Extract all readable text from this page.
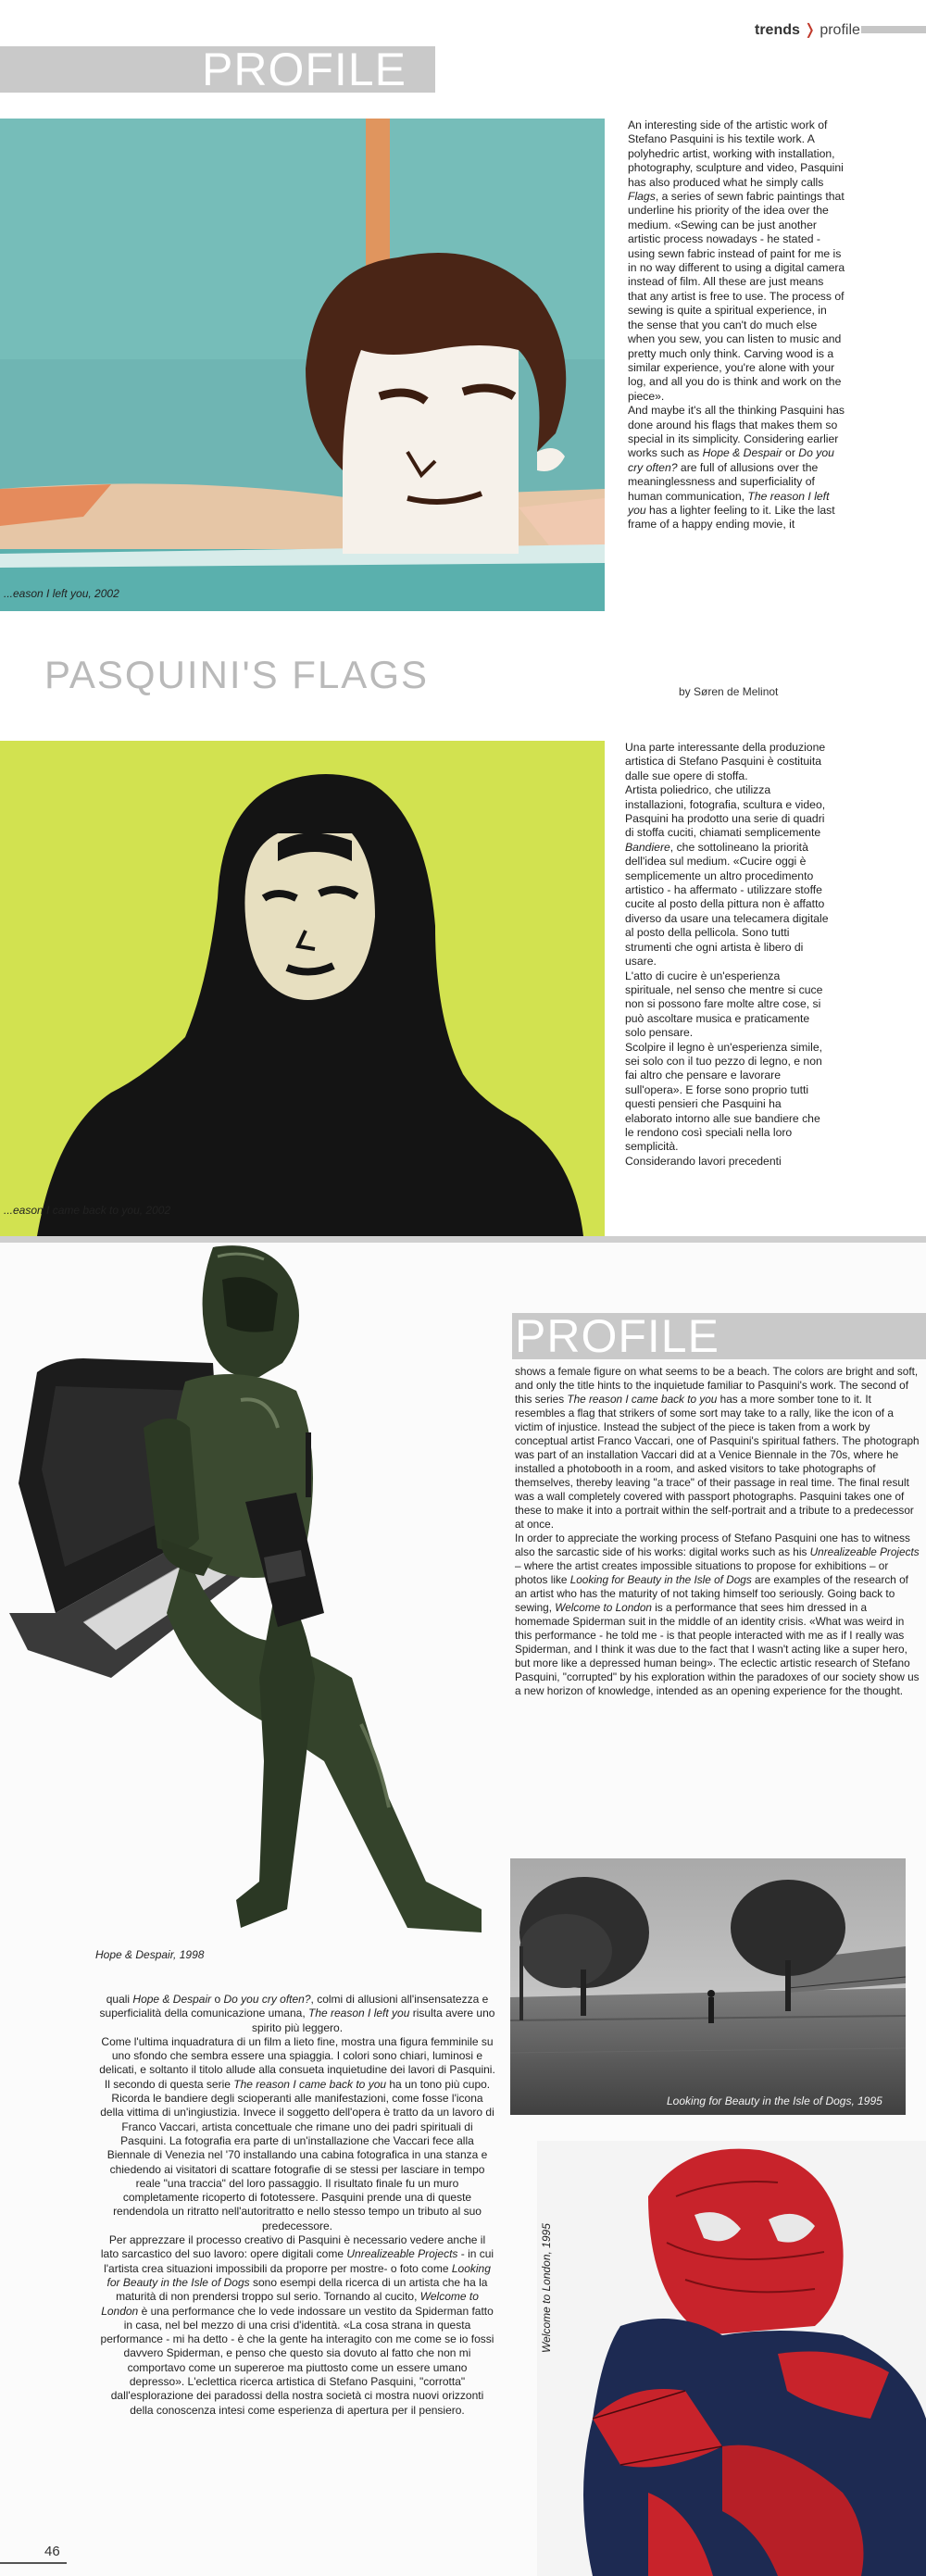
PROFILE
trends ❭ profile
...eason I left you, 2002

An interesting side of the artistic work of Stefano Pasquini is his textile work. A polyhedric artist, working with installation, photography, sculpture and video, Pasquini has also produced what he simply calls Flags, a series of sewn fabric paintings that underline his priority of the idea over the medium. «Sewing can be just another artistic process nowadays - he stated - using sewn fabric instead of paint for me is in no way different to using a digital camera instead of film. All these are just means that any artist is free to use. The process of sewing is quite a spiritual experience, in the sense that you can't do much else when you sew, you can listen to music and pretty much only think. Carving wood is a similar experience, you're alone with your log, and all you do is think and work on the piece».

And maybe it's all the thinking Pasquini has done around his flags that makes them so special in its simplicity. Considering earlier works such as Hope & Despair or Do you cry often? are full of allusions over the meaninglessness and superficiality of human communication, The reason I left you has a lighter feeling to it. Like the last frame of a happy ending movie, it

PASQUINI'S FLAGS	by Søren de Melinot
...eason I came back to you, 2002

Una parte interessante della produzione artistica di Stefano Pasquini è costituita dalle sue opere di stoffa.

Artista poliedrico, che utilizza installazioni, fotografia, scultura e video, Pasquini ha prodotto una serie di quadri di stoffa cuciti, chiamati semplicemente Bandiere, che sottolineano la priorità dell'idea sul medium. «Cucire oggi è semplicemente un altro procedimento artistico - ha affermato - utilizzare stoffe cucite al posto della pittura non è affatto diverso da usare una telecamera digitale al posto della pellicola. Sono tutti strumenti che ogni artista è libero di usare.

L'atto di cucire è un'esperienza spirituale, nel senso che mentre si cuce non si possono fare molte altre cose, si può ascoltare musica e praticamente solo pensare.

Scolpire il legno è un'esperienza simile, sei solo con il tuo pezzo di legno, e non fai altro che pensare e lavorare sull'opera». E forse sono proprio tutti questi pensieri che Pasquini ha elaborato intorno alle sue bandiere che le rendono così speciali nella loro semplicità.

Considerando lavori precedenti

PROFILE
Hope & Despair, 1998

shows a female figure on what seems to be a beach. The colors are bright and soft, and only the title hints to the inquietude familiar to Pasquini's work. The second of this series The reason I came back to you has a more somber tone to it. It resembles a flag that strikers of some sort may take to a rally, like the icon of a victim of injustice. Instead the subject of the piece is taken from a work by conceptual artist Franco Vaccari, one of Pasquini's spiritual fathers. The photograph was part of an installation Vaccari did at a Venice Biennale in the 70s, where he installed a photobooth in a room, and asked visitors to take photographs of themselves, thereby leaving "a trace" of their passage in real time. The final result was a wall completely covered with passport photographs. Pasquini takes one of these to make it into a portrait within the self-portrait and a tribute to a predecessor at once.

In order to appreciate the working process of Stefano Pasquini one has to witness also the sarcastic side of his works: digital works such as his Unrealizeable Projects – where the artist creates impossible situations to propose for exhibitions – or photos like Looking for Beauty in the Isle of Dogs are examples of the research of an artist who has the maturity of not taking himself too seriously. Going back to sewing, Welcome to London is a performance that sees him dressed in a homemade Spiderman suit in the middle of an identity crisis. «What was weird in this performance - he told me - is that people interacted with me as if I really was Spiderman, and I think it was due to the fact that I wasn't acting like a super hero, but more like a depressed human being». The eclectic artistic research of Stefano Pasquini, "corrupted" by his exploration within the paradoxes of our society show us a new horizon of knowledge, intended as an opening experience for the thought.

Looking for Beauty in the Isle of Dogs, 1995

quali Hope & Despair o Do you cry often?, colmi di allusioni all'insensatezza e superficialità della comunicazione umana, The reason I left you risulta avere uno spirito più leggero.

Come l'ultima inquadratura di un film a lieto fine, mostra una figura femminile su uno sfondo che sembra essere una spiaggia. I colori sono chiari, luminosi e delicati, e soltanto il titolo allude alla consueta inquietudine dei lavori di Pasquini. Il secondo di questa serie The reason I came back to you ha un tono più cupo. Ricorda le bandiere degli scioperanti alle manifestazioni, come fosse l'icona della vittima di un'ingiustizia. Invece il soggetto dell'opera è tratto da un lavoro di Franco Vaccari, artista concettuale che rimane uno dei padri spirituali di Pasquini. La fotografia era parte di un'installazione che Vaccari fece alla Biennale di Venezia nel '70 installando una cabina fotografica in una stanza e chiedendo ai visitatori di scattare fotografie di se stessi per lasciare in tempo reale "una traccia" del loro passaggio. Il risultato finale fu un muro completamente ricoperto di fototessere. Pasquini prende una di queste rendendola un ritratto nell'autoritratto e nello stesso tempo un tributo al suo predecessore.

Per apprezzare il processo creativo di Pasquini è necessario vedere anche il lato sarcastico del suo lavoro: opere digitali come Unrealizeable Projects - in cui l'artista crea situazioni impossibili da proporre per mostre- o foto come Looking for Beauty in the Isle of Dogs sono esempi della ricerca di un artista che ha la maturità di non prendersi troppo sul serio. Tornando al cucito, Welcome to London è una performance che lo vede indossare un vestito da Spiderman fatto in casa, nel bel mezzo di una crisi d'identità. «La cosa strana in questa performance - mi ha detto - è che la gente ha interagito con me come se io fossi davvero Spiderman, e penso che questo sia dovuto al fatto che non mi comportavo come un supereroe ma piuttosto come un essere umano depresso». L'eclettica ricerca artistica di Stefano Pasquini, "corrotta" dall'esplorazione dei paradossi della nostra società ci mostra nuovi orizzonti della conoscenza intesi come esperienza di apertura per il pensiero.

Welcome to London, 1995
46
